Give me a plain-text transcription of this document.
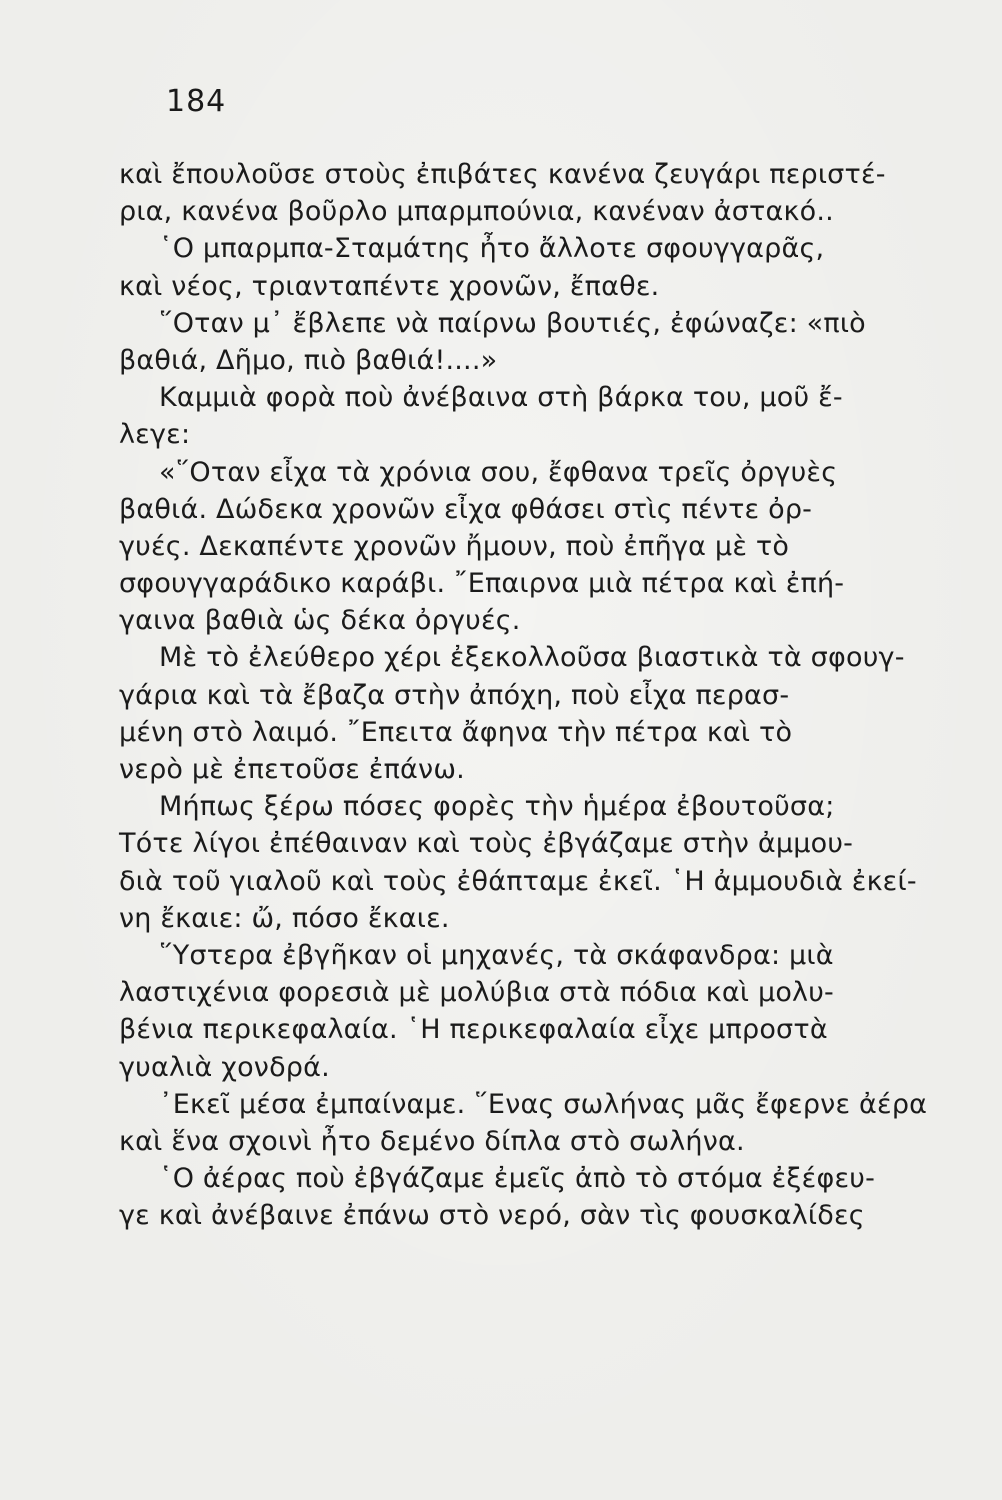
184
καὶ ἔπουλοῦσε στοὺς ἐπιβάτες κανένα ζευγάρι περιστέ-
ρια, κανένα βοῦρλο μπαρμπούνια, κανέναν ἀστακό..
῾Ο μπαρμπα-Σταμάτης ἦτο ἄλλοτε σφουγγαρᾶς,
καὶ νέος, τριανταπέντε χρονῶν, ἔπαθε.
῞Οταν μ᾿ ἔβλεπε νὰ παίρνω βουτιές, ἐφώναζε: «πιὸ
βαθιά, Δῆμο, πιὸ βαθιά!....»
Καμμιὰ φορὰ ποὺ ἀνέβαινα στὴ βάρκα του, μοῦ ἔ-
λεγε:
«῞Οταν εἶχα τὰ χρόνια σου, ἔφθανα τρεῖς ὀργυὲς
βαθιά. Δώδεκα χρονῶν εἶχα φθάσει στὶς πέντε ὀρ-
γυές. Δεκαπέντε χρονῶν ἤμουν, ποὺ ἐπῆγα μὲ τὸ
σφουγγαράδικο καράβι. ῎Επαιρνα μιὰ πέτρα καὶ ἐπή-
γαινα βαθιὰ ὡς δέκα ὀργυές.
Μὲ τὸ ἐλεύθερο χέρι ἐξεκολλοῦσα βιαστικὰ τὰ σφουγ-
γάρια καὶ τὰ ἔβαζα στὴν ἀπόχη, ποὺ εἶχα περασ-
μένη στὸ λαιμό. ῎Επειτα ἄφηνα τὴν πέτρα καὶ τὸ
νερὸ μὲ ἐπετοῦσε ἐπάνω.
Μήπως ξέρω πόσες φορὲς τὴν ἡμέρα ἐβουτοῦσα;
Τότε λίγοι ἐπέθαιναν καὶ τοὺς ἐβγάζαμε στὴν ἀμμου-
διὰ τοῦ γιαλοῦ καὶ τοὺς ἐθάπταμε ἐκεῖ. ῾Η ἀμμουδιὰ ἐκεί-
νη ἔκαιε: ὤ, πόσο ἔκαιε.
῞Υστερα ἐβγῆκαν οἱ μηχανές, τὰ σκάφανδρα: μιὰ
λαστιχένια φορεσιὰ μὲ μολύβια στὰ πόδια καὶ μολυ-
βένια περικεφαλαία. ῾Η περικεφαλαία εἶχε μπροστὰ
γυαλιὰ χονδρά.
᾿Εκεῖ μέσα ἐμπαίναμε. ῞Ενας σωλήνας μᾶς ἔφερνε ἀέρα
καὶ ἕνα σχοινὶ ἦτο δεμένο δίπλα στὸ σωλήνα.
῾Ο ἀέρας ποὺ ἐβγάζαμε ἐμεῖς ἀπὸ τὸ στόμα ἐξέφευ-
γε καὶ ἀνέβαινε ἐπάνω στὸ νερό, σὰν τὶς φουσκαλίδες
